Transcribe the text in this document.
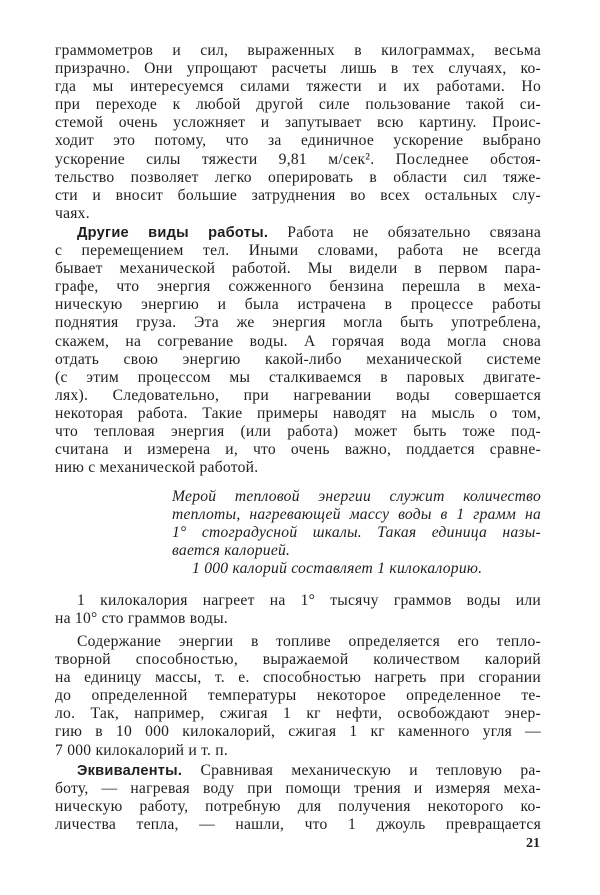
граммометров и сил, выраженных в килограммах, весьма
призрачно. Они упрощают расчеты лишь в тех случаях, ко-
гда мы интересуемся силами тяжести и их работами. Но
при переходе к любой другой силе пользование такой си-
стемой очень усложняет и запутывает всю картину. Проис-
ходит это потому, что за единичное ускорение выбрано
ускорение силы тяжести 9,81 м/сек². Последнее обстоя-
тельство позволяет легко оперировать в области сил тяже-
сти и вносит большие затруднения во всех остальных слу-
чаях.
Другие виды работы. Работа не обязательно связана
с перемещением тел. Иными словами, работа не всегда
бывает механической работой. Мы видели в первом пара-
графе, что энергия сожженного бензина перешла в меха-
ническую энергию и была истрачена в процессе работы
поднятия груза. Эта же энергия могла быть употреблена,
скажем, на согревание воды. А горячая вода могла снова
отдать свою энергию какой-либо механической системе
(с этим процессом мы сталкиваемся в паровых двигате-
лях). Следовательно, при нагревании воды совершается
некоторая работа. Такие примеры наводят на мысль о том,
что тепловая энергия (или работа) может быть тоже под-
считана и измерена и, что очень важно, поддается сравне-
нию с механической работой.
Мерой тепловой энергии служит количество
теплоты, нагревающей массу воды в 1 грамм на
1° стоградусной шкалы. Такая единица назы-
вается калорией.
1 000 калорий составляет 1 килокалорию.
1 килокалория нагреет на 1° тысячу граммов воды или
на 10° сто граммов воды.
Содержание энергии в топливе определяется его тепло-
творной способностью, выражаемой количеством калорий
на единицу массы, т. е. способностью нагреть при сгорании
до определенной температуры некоторое определенное те-
ло. Так, например, сжигая 1 кг нефти, освобождают энер-
гию в 10 000 килокалорий, сжигая 1 кг каменного угля —
7 000 килокалорий и т. п.
Эквиваленты. Сравнивая механическую и тепловую ра-
боту, — нагревая воду при помощи трения и измеряя меха-
ническую работу, потребную для получения некоторого ко-
личества тепла, — нашли, что 1 джоуль превращается
21
